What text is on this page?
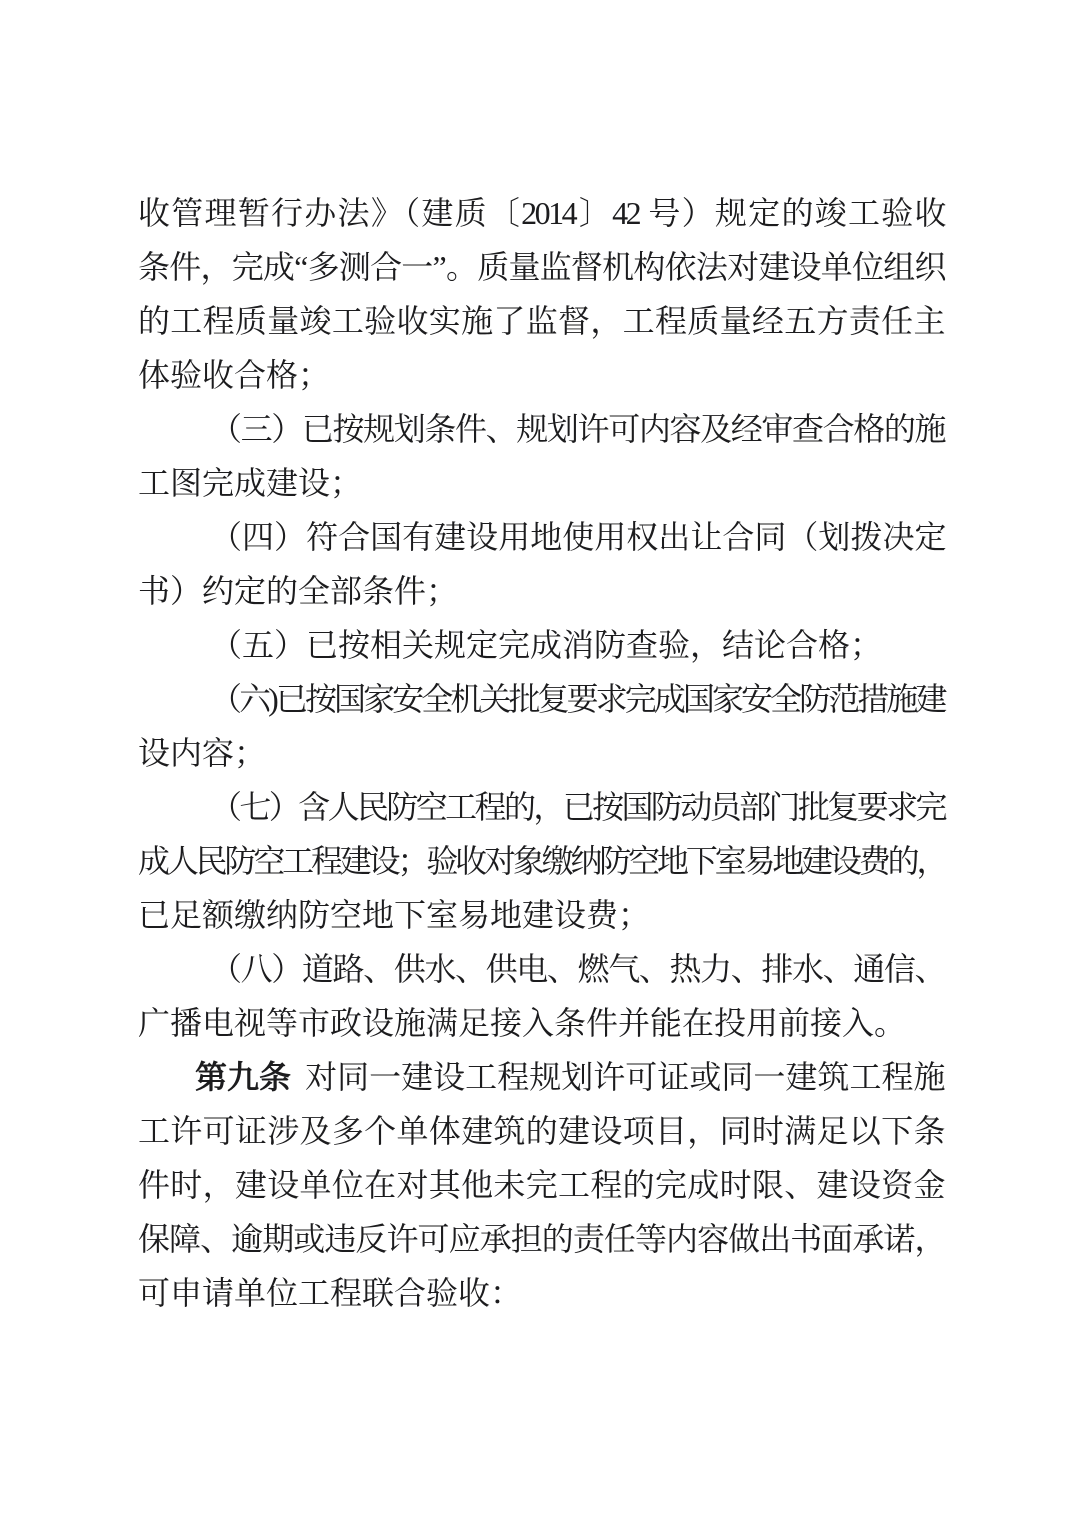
收管理暂行办法》（建质〔2014〕42 号）规定的竣工验收
条件，完成“多测合一”。质量监督机构依法对建设单位组织
的工程质量竣工验收实施了监督，工程质量经五方责任主
体验收合格；
（三）已按规划条件、规划许可内容及经审查合格的施
工图完成建设；
（四）符合国有建设用地使用权出让合同（划拨决定
书）约定的全部条件；
（五）已按相关规定完成消防查验，结论合格；
（六)已按国家安全机关批复要求完成国家安全防范措施建
设内容；
（七）含人民防空工程的，已按国防动员部门批复要求完
成人民防空工程建设；验收对象缴纳防空地下室易地建设费的，
已足额缴纳防空地下室易地建设费；
（八）道路、供水、供电、燃气、热力、排水、通信、
广播电视等市政设施满足接入条件并能在投用前接入。
第九条 对同一建设工程规划许可证或同一建筑工程施
工许可证涉及多个单体建筑的建设项目，同时满足以下条
件时，建设单位在对其他未完工程的完成时限、建设资金
保障、逾期或违反许可应承担的责任等内容做出书面承诺，
可申请单位工程联合验收：
